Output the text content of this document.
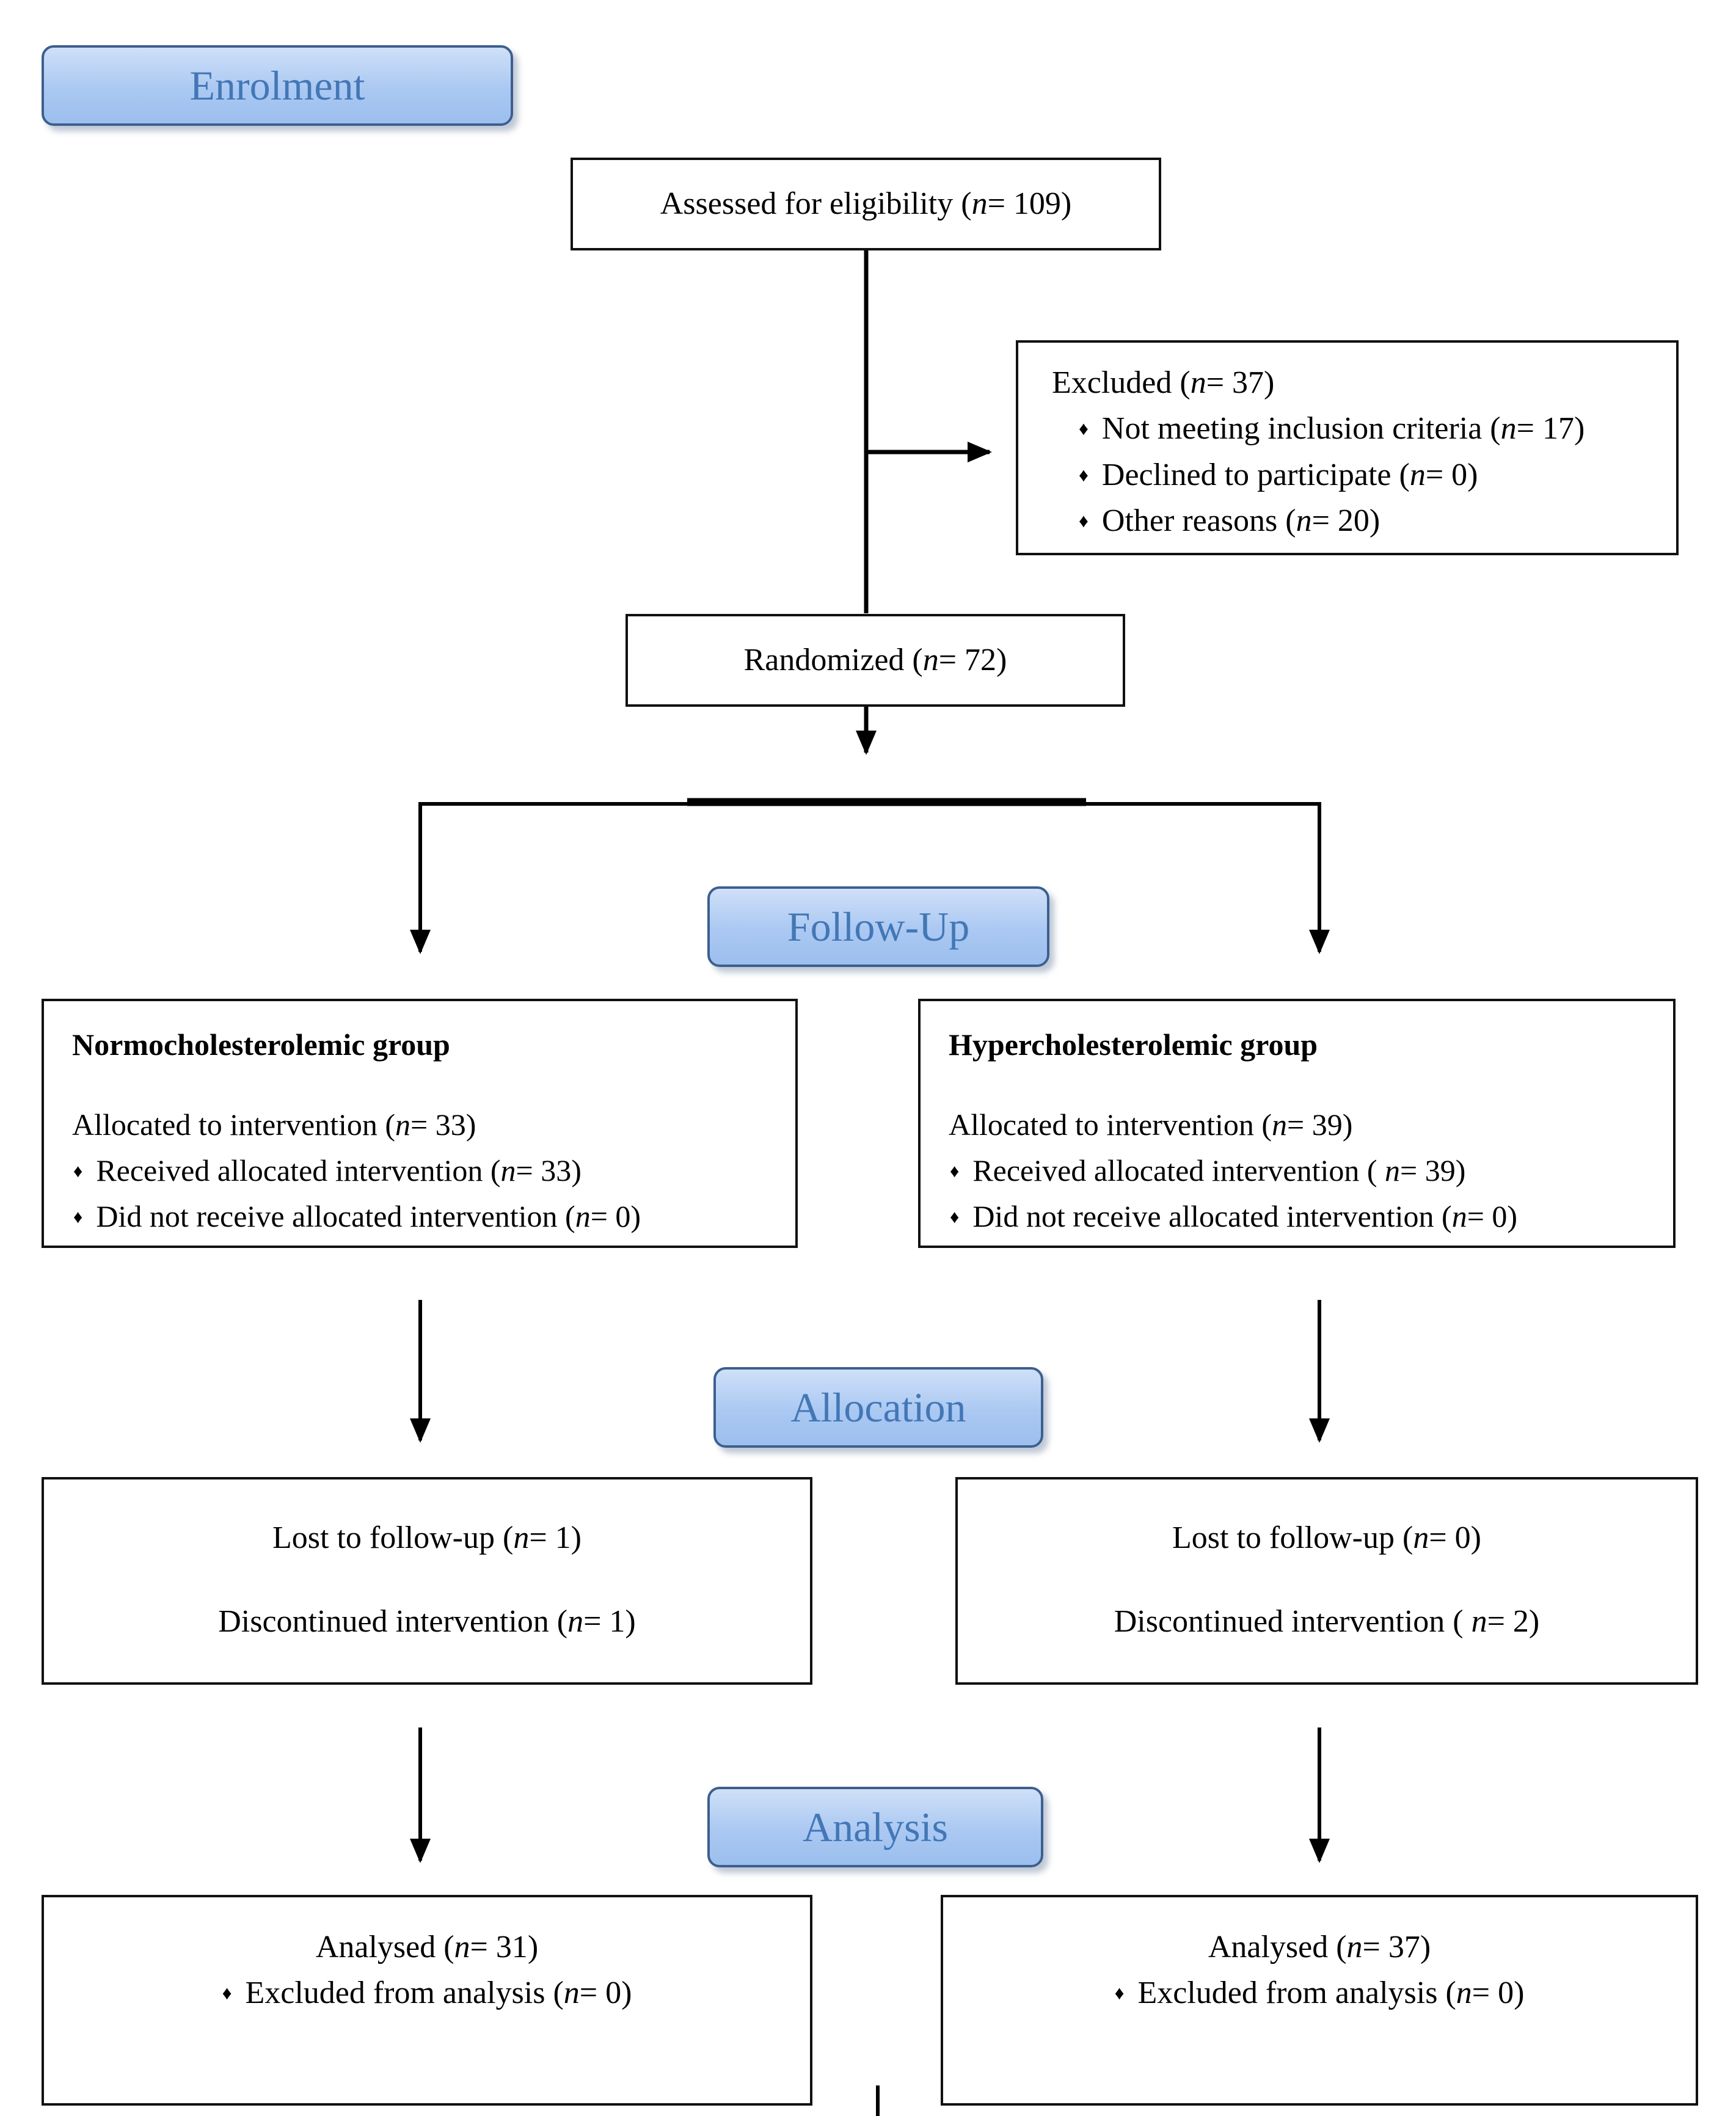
Enrolment
Follow-Up
Allocation
Analysis
Assessed for eligibility (n= 109)
Excluded (n= 37)
♦ Not meeting inclusion criteria (n= 17)
♦ Declined to participate (n= 0)
♦ Other reasons (n= 20)
Randomized (n= 72)
Normocholesterolemic group
Allocated to intervention (n= 33)
♦ Received allocated intervention (n= 33)
♦ Did not receive allocated intervention (n= 0)
Hypercholesterolemic group
Allocated to intervention (n= 39)
♦ Received allocated intervention ( n= 39)
♦ Did not receive allocated intervention (n= 0)
Lost to follow-up (n= 1)
Discontinued intervention (n= 1)
Lost to follow-up (n= 0)
Discontinued intervention ( n= 2)
Analysed (n= 31)
♦ Excluded from analysis (n= 0)
Analysed (n= 37)
♦ Excluded from analysis (n= 0)
